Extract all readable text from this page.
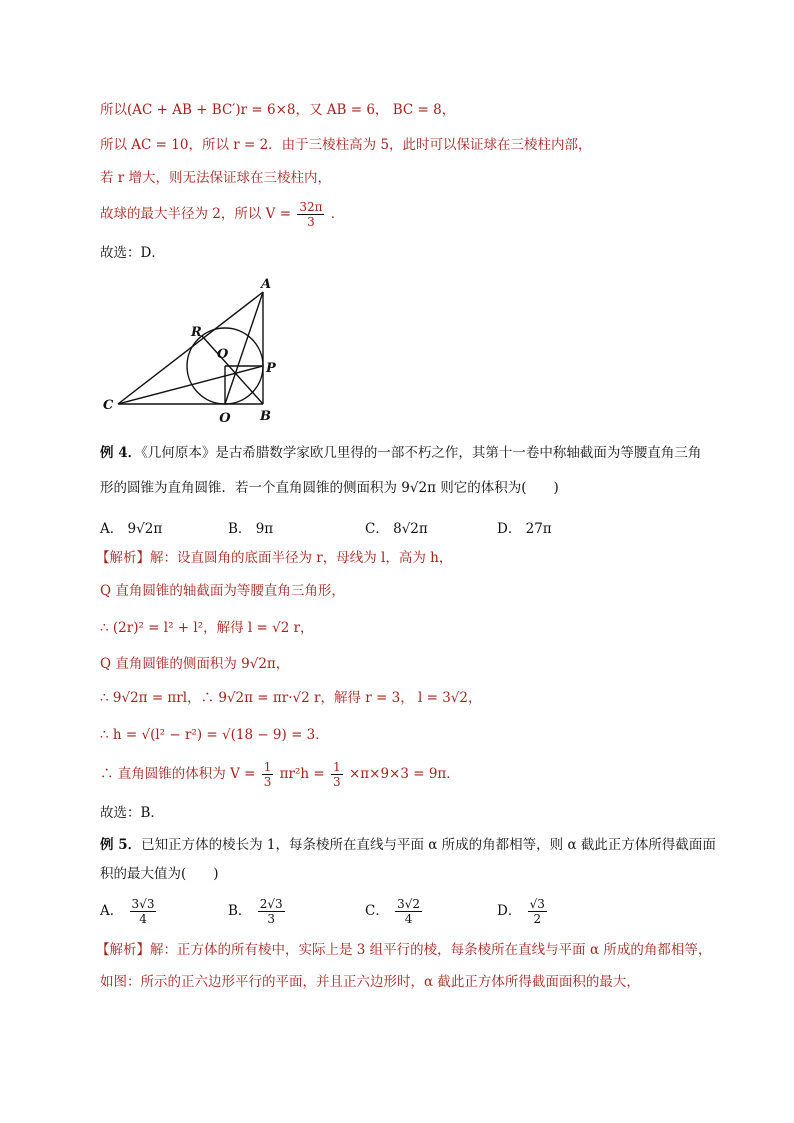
所以(AC + AB + BC′)r = 6×8，又 AB = 6， BC = 8，
所以 AC = 10，所以 r = 2．由于三棱柱高为 5，此时可以保证球在三棱柱内部，
若 r 增大，则无法保证球在三棱柱内，
故球的最大半径为 2，所以 $V = \frac{32\pi}{3}$ ．
故选：D．
A
B
C
O
P
Q
R
例 4．《几何原本》是古希腊数学家欧几里得的一部不朽之作，其第十一卷中称轴截面为等腰直角三角
形的圆锥为直角圆锥．若一个直角圆锥的侧面积为 9√2π 则它的体积为(　　)
A． 9√2π	B． 9π	C． 8√2π	D． 27π
【解析】解：设直圆角的底面半径为 r，母线为 l，高为 h，
Q 直角圆锥的轴截面为等腰直角三角形，
∴ (2r)² = l² + l²，解得 l = √2 r，
Q 直角圆锥的侧面积为 9√2π，
∴ 9√2π = πrl，∴ 9√2π = πr·√2 r，解得 r = 3， l = 3√2，
∴ h = √(l² − r²) = √(18 − 9) = 3．
∴ 直角圆锥的体积为 $V = \frac{1}{3} \pi r^2h = \frac{1}{3} \times\pi\times 9\times 3 = 9\pi$．
故选：B．
例 5．已知正方体的棱长为 1，每条棱所在直线与平面 α 所成的角都相等，则 α 截此正方体所得截面面
积的最大值为(　　)
A． $\frac{3√3}{4}$	B． $\frac{2√3}{3}$	C． $\frac{3√2}{4}$	D． $\frac{√3}{2}$
【解析】解：正方体的所有棱中，实际上是 3 组平行的棱，每条棱所在直线与平面 α 所成的角都相等，
如图：所示的正六边形平行的平面，并且正六边形时，α 截此正方体所得截面面积的最大，
